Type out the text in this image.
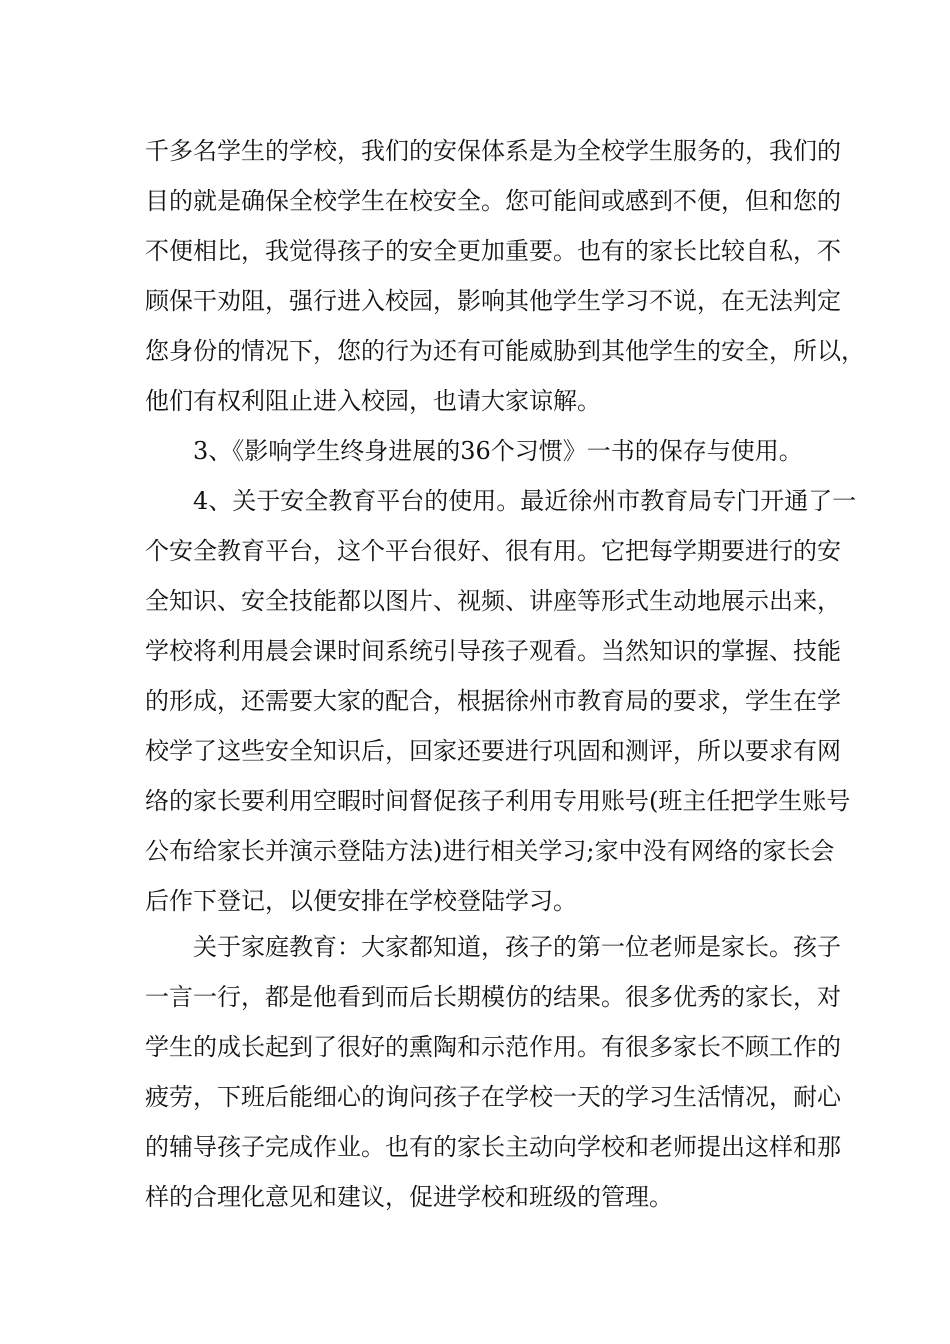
千多名学生的学校，我们的安保体系是为全校学生服务的，我们的
目的就是确保全校学生在校安全。您可能间或感到不便，但和您的
不便相比，我觉得孩子的安全更加重要。也有的家长比较自私，不
顾保干劝阻，强行进入校园，影响其他学生学习不说，在无法判定
您身份的情况下，您的行为还有可能威胁到其他学生的安全，所以，
他们有权利阻止进入校园，也请大家谅解。
3、《影响学生终身进展的36个习惯》一书的保存与使用。
4、关于安全教育平台的使用。最近徐州市教育局专门开通了一
个安全教育平台，这个平台很好、很有用。它把每学期要进行的安
全知识、安全技能都以图片、视频、讲座等形式生动地展示出来，
学校将利用晨会课时间系统引导孩子观看。当然知识的掌握、技能
的形成，还需要大家的配合，根据徐州市教育局的要求，学生在学
校学了这些安全知识后，回家还要进行巩固和测评，所以要求有网
络的家长要利用空暇时间督促孩子利用专用账号(班主任把学生账号
公布给家长并演示登陆方法)进行相关学习;家中没有网络的家长会
后作下登记，以便安排在学校登陆学习。
关于家庭教育：大家都知道，孩子的第一位老师是家长。孩子
一言一行，都是他看到而后长期模仿的结果。很多优秀的家长，对
学生的成长起到了很好的熏陶和示范作用。有很多家长不顾工作的
疲劳，下班后能细心的询问孩子在学校一天的学习生活情况，耐心
的辅导孩子完成作业。也有的家长主动向学校和老师提出这样和那
样的合理化意见和建议，促进学校和班级的管理。
